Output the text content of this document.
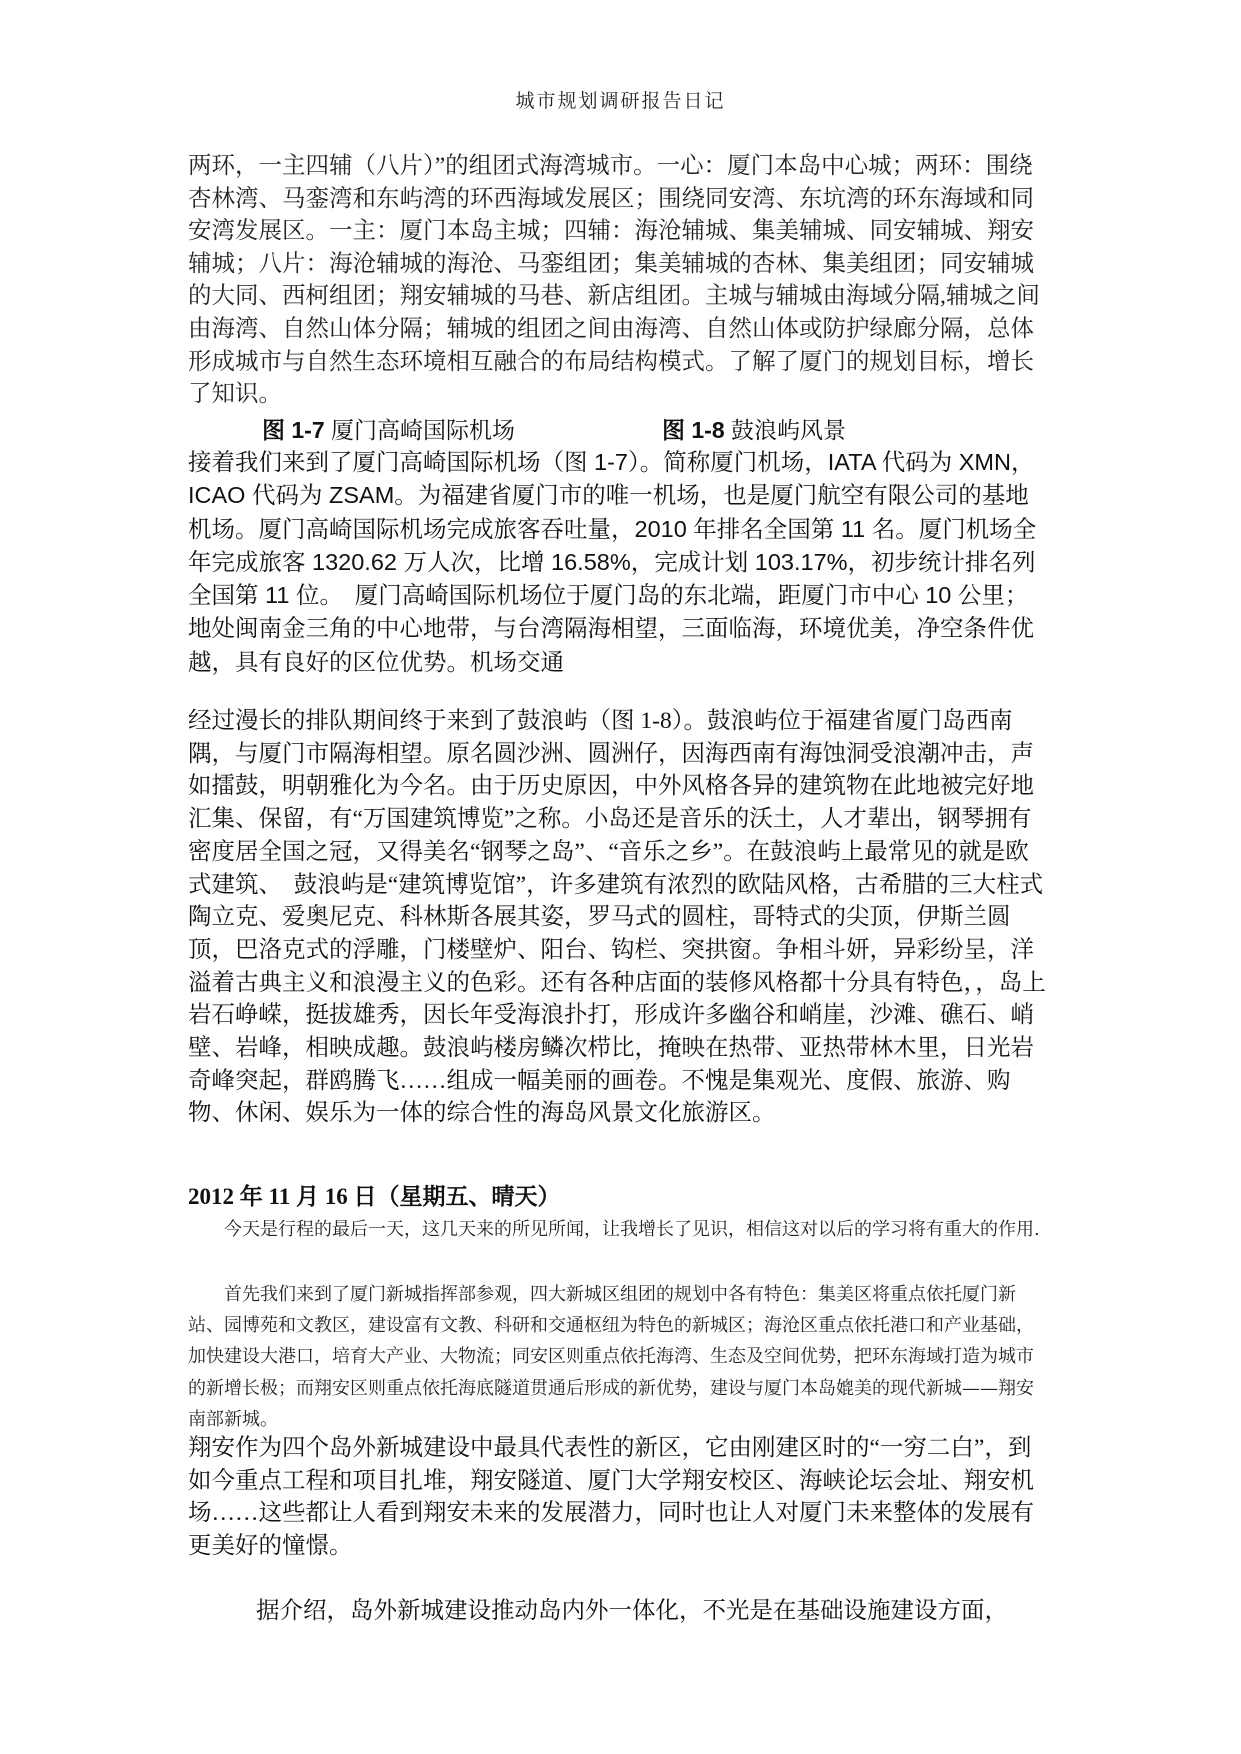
城市规划调研报告日记
两环，一主四辅（八片）”的组团式海湾城市。一心：厦门本岛中心城；两环：围绕杏林湾、马銮湾和东屿湾的环西海域发展区；围绕同安湾、东坑湾的环东海域和同安湾发展区。一主：厦门本岛主城；四辅：海沧辅城、集美辅城、同安辅城、翔安辅城；八片：海沧辅城的海沧、马銮组团；集美辅城的杏林、集美组团；同安辅城的大同、西柯组团；翔安辅城的马巷、新店组团。主城与辅城由海域分隔,辅城之间由海湾、自然山体分隔；辅城的组团之间由海湾、自然山体或防护绿廊分隔，总体形成城市与自然生态环境相互融合的布局结构模式。了解了厦门的规划目标，增长了知识。
图 1-7 厦门高崎国际机场	图 1-8 鼓浪屿风景
接着我们来到了厦门高崎国际机场（图 1-7）。简称厦门机场，IATA 代码为 XMN，ICAO 代码为 ZSAM。为福建省厦门市的唯一机场，也是厦门航空有限公司的基地机场。厦门高崎国际机场完成旅客吞吐量，2010 年排名全国第 11 名。厦门机场全年完成旅客 1320.62 万人次，比增 16.58%，完成计划 103.17%，初步统计排名列全国第 11 位。　厦门高崎国际机场位于厦门岛的东北端，距厦门市中心 10 公里；地处闽南金三角的中心地带，与台湾隔海相望，三面临海，环境优美，净空条件优越，具有良好的区位优势。机场交通
经过漫长的排队期间终于来到了鼓浪屿（图 1-8）。鼓浪屿位于福建省厦门岛西南隅，与厦门市隔海相望。原名圆沙洲、圆洲仔，因海西南有海蚀洞受浪潮冲击，声如擂鼓，明朝雅化为今名。由于历史原因，中外风格各异的建筑物在此地被完好地汇集、保留，有“万国建筑博览”之称。小岛还是音乐的沃土，人才辈出，钢琴拥有密度居全国之冠，又得美名“钢琴之岛”、“音乐之乡”。在鼓浪屿上最常见的就是欧式建筑、　鼓浪屿是“建筑博览馆”，许多建筑有浓烈的欧陆风格，古希腊的三大柱式陶立克、爱奥尼克、科林斯各展其姿，罗马式的圆柱，哥特式的尖顶，伊斯兰圆顶，巴洛克式的浮雕，门楼壁炉、阳台、钩栏、突拱窗。争相斗妍，异彩纷呈，洋溢着古典主义和浪漫主义的色彩。还有各种店面的装修风格都十分具有特色，，岛上岩石峥嵘，挺拔雄秀，因长年受海浪扑打，形成许多幽谷和峭崖，沙滩、礁石、峭壁、岩峰，相映成趣。鼓浪屿楼房鳞次栉比，掩映在热带、亚热带林木里，日光岩奇峰突起，群鸥腾飞……组成一幅美丽的画卷。不愧是集观光、度假、旅游、购物、休闲、娱乐为一体的综合性的海岛风景文化旅游区。
2012 年 11 月 16 日（星期五、晴天）
今天是行程的最后一天，这几天来的所见所闻，让我增长了见识，相信这对以后的学习将有重大的作用.
首先我们来到了厦门新城指挥部参观，四大新城区组团的规划中各有特色：集美区将重点依托厦门新站、园博苑和文教区，建设富有文教、科研和交通枢纽为特色的新城区；海沧区重点依托港口和产业基础，加快建设大港口，培育大产业、大物流；同安区则重点依托海湾、生态及空间优势，把环东海域打造为城市的新增长极；而翔安区则重点依托海底隧道贯通后形成的新优势，建设与厦门本岛媲美的现代新城——翔安南部新城。
翔安作为四个岛外新城建设中最具代表性的新区，它由刚建区时的“一穷二白”，到如今重点工程和项目扎堆，翔安隧道、厦门大学翔安校区、海峡论坛会址、翔安机场……这些都让人看到翔安未来的发展潜力，同时也让人对厦门未来整体的发展有更美好的憧憬。
据介绍，岛外新城建设推动岛内外一体化，不光是在基础设施建设方面，
